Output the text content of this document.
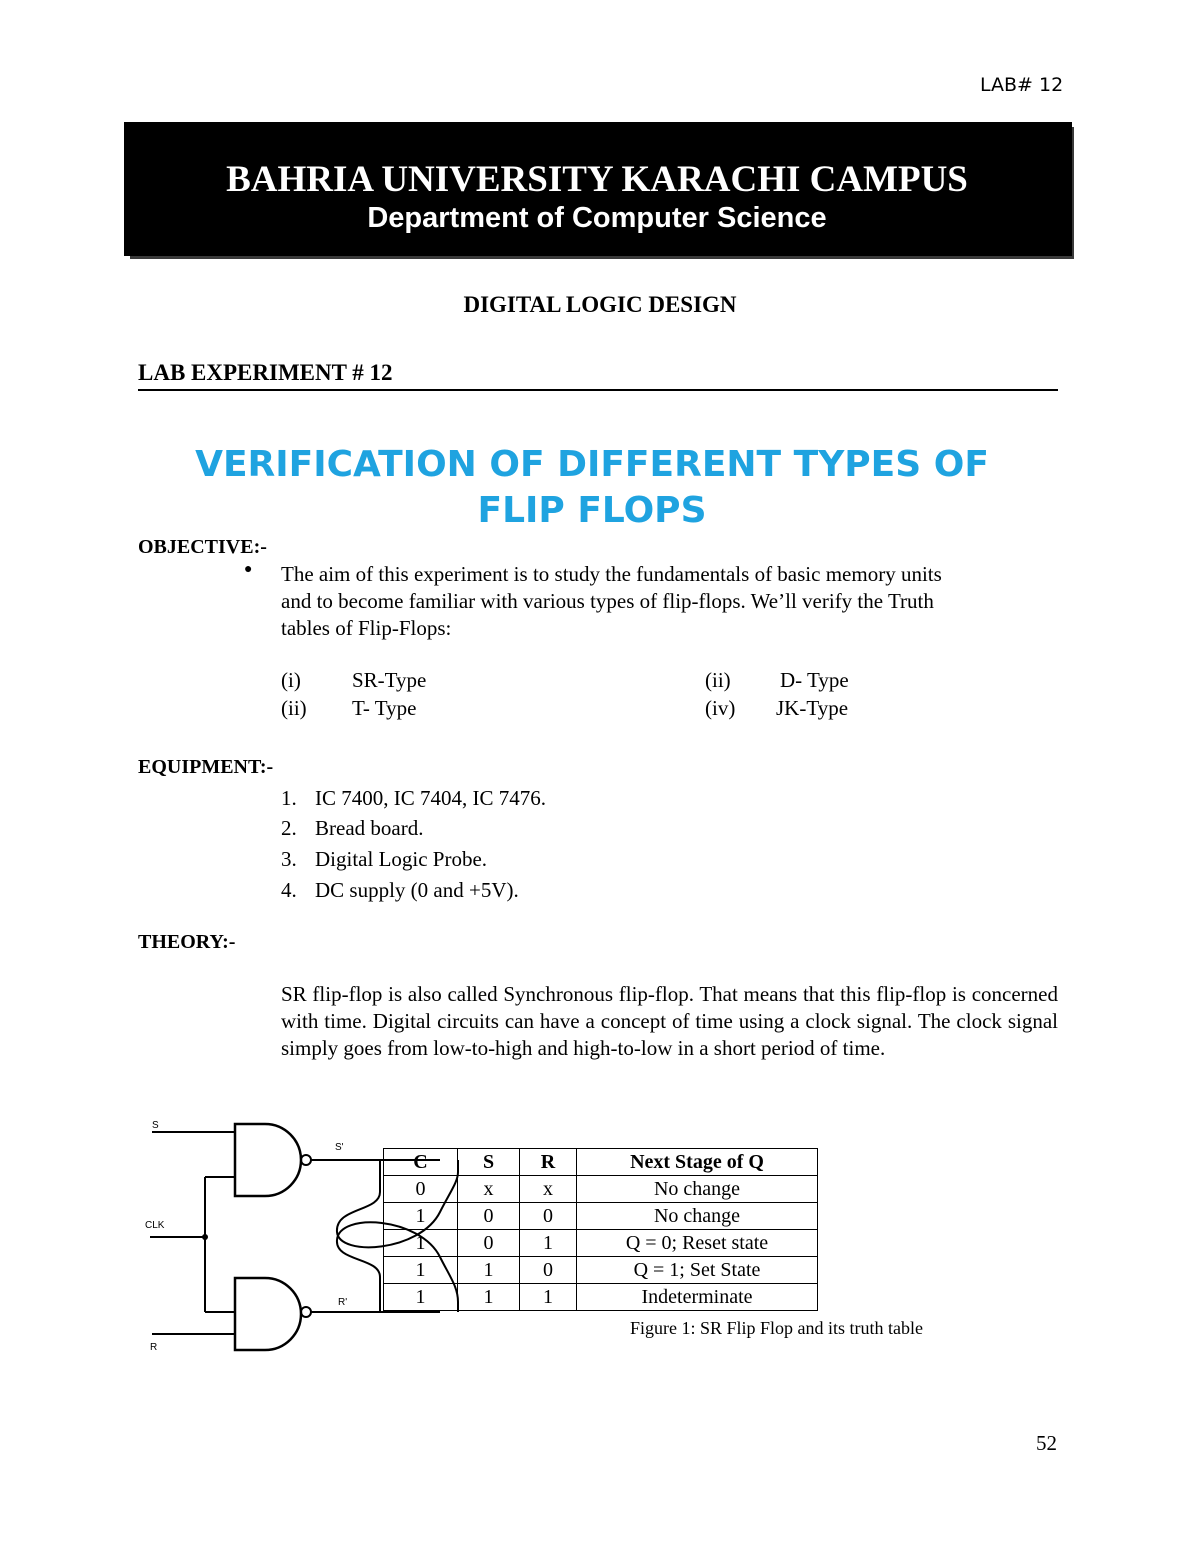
LAB# 12
BAHRIA UNIVERSITY KARACHI CAMPUS
Department of Computer Science
DIGITAL LOGIC DESIGN
LAB EXPERIMENT # 12
VERIFICATION OF DIFFERENT TYPES OF
FLIP FLOPS
OBJECTIVE:-
● The aim of this experiment is to study the fundamentals of basic memory units
and to become familiar with various types of flip-flops. We’ll verify the Truth
tables of Flip-Flops:
(i) SR-Type	(ii) D- Type
(ii) T- Type	(iv) JK-Type
EQUIPMENT:-
1. IC 7400, IC 7404, IC 7476.
2. Bread board.
3. Digital Logic Probe.
4. DC supply (0 and +5V).
THEORY:-
SR flip-flop is also called Synchronous flip-flop. That means that this flip-flop is concerned with time. Digital circuits can have a concept of time using a clock signal. The clock signal simply goes from low-to-high and high-to-low in a short period of time.
S
CLK
R
S'
R'
C	S	R	Next Stage of Q
0	x	x	No change
1	0	0	No change
1	0	1	Q = 0; Reset state
1	1	0	Q = 1; Set State
1	1	1	Indeterminate
Figure 1: SR Flip Flop and its truth table
52
